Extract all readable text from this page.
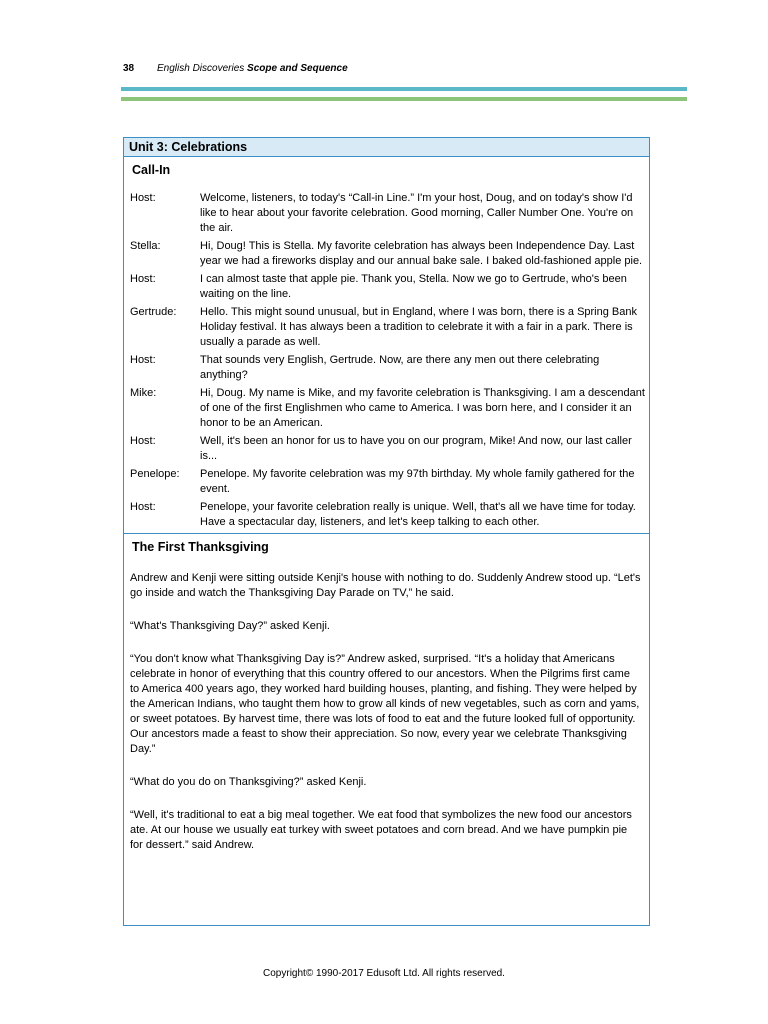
38 English Discoveries Scope and Sequence
Unit 3: Celebrations
Call-In
Host:	Welcome, listeners, to today's “Call-in Line.” I'm your host, Doug, and on today's show I'd like to hear about your favorite celebration. Good morning, Caller Number One. You're on the air.
Stella:	Hi, Doug! This is Stella. My favorite celebration has always been Independence Day. Last year we had a fireworks display and our annual bake sale. I baked old-fashioned apple pie.
Host:	I can almost taste that apple pie. Thank you, Stella. Now we go to Gertrude, who's been waiting on the line.
Gertrude:	Hello. This might sound unusual, but in England, where I was born, there is a Spring Bank Holiday festival. It has always been a tradition to celebrate it with a fair in a park. There is usually a parade as well.
Host:	That sounds very English, Gertrude. Now, are there any men out there celebrating anything?
Mike:	Hi, Doug. My name is Mike, and my favorite celebration is Thanksgiving. I am a descendant of one of the first Englishmen who came to America. I was born here, and I consider it an honor to be an American.
Host:	Well, it's been an honor for us to have you on our program, Mike! And now, our last caller is...
Penelope:	Penelope. My favorite celebration was my 97th birthday. My whole family gathered for the event.
Host:	Penelope, your favorite celebration really is unique. Well, that's all we have time for today. Have a spectacular day, listeners, and let's keep talking to each other.
The First Thanksgiving

Andrew and Kenji were sitting outside Kenji's house with nothing to do. Suddenly Andrew stood up. “Let's go inside and watch the Thanksgiving Day Parade on TV,” he said.

“What's Thanksgiving Day?” asked Kenji.

“You don't know what Thanksgiving Day is?” Andrew asked, surprised. “It's a holiday that Americans celebrate in honor of everything that this country offered to our ancestors. When the Pilgrims first came to America 400 years ago, they worked hard building houses, planting, and fishing. They were helped by the American Indians, who taught them how to grow all kinds of new vegetables, such as corn and yams, or sweet potatoes. By harvest time, there was lots of food to eat and the future looked full of opportunity. Our ancestors made a feast to show their appreciation. So now, every year we celebrate Thanksgiving Day.”

“What do you do on Thanksgiving?” asked Kenji.

“Well, it's traditional to eat a big meal together. We eat food that symbolizes the new food our ancestors ate. At our house we usually eat turkey with sweet potatoes and corn bread. And we have pumpkin pie for dessert.” said Andrew.

Copyright© 1990-2017 Edusoft Ltd. All rights reserved.
